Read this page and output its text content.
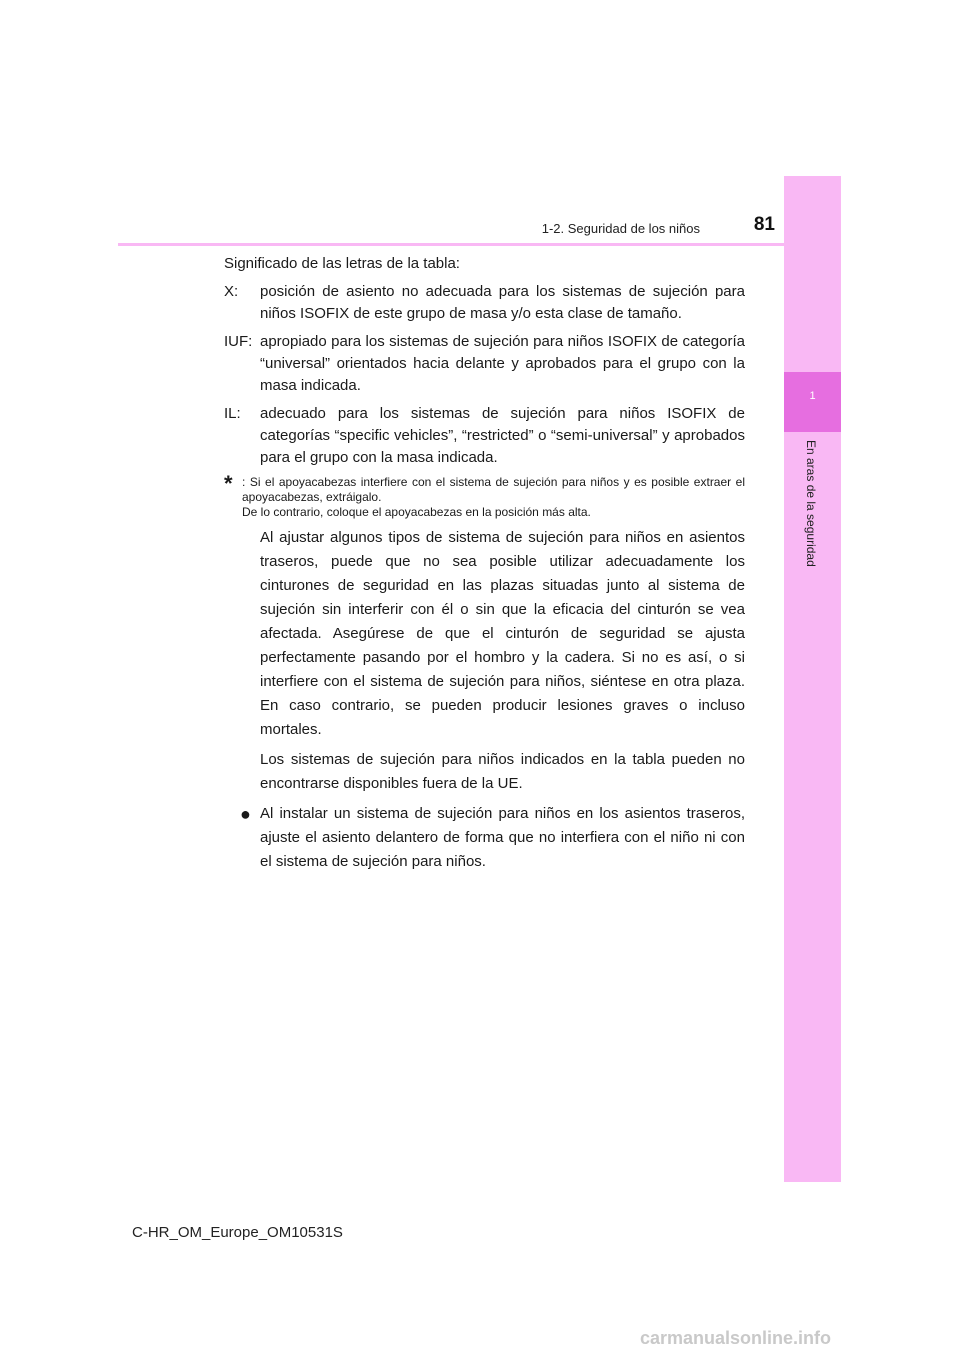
1
En aras de la seguridad
1-2. Seguridad de los niños	81

Significado de las letras de la tabla:

X:	posición de asiento no adecuada para los sistemas de sujeción para niños ISOFIX de este grupo de masa y/o esta clase de tamaño.
IUF: apropiado para los sistemas de sujeción para niños ISOFIX de categoría “universal” orientados hacia delante y aprobados para el grupo con la masa indicada.
IL:	adecuado para los sistemas de sujeción para niños ISOFIX de categorías “specific vehicles”, “restricted” o “semi-universal” y aprobados para el grupo con la masa indicada.
* : Si el apoyacabezas interfiere con el sistema de sujeción para niños y es posible extraer el apoyacabezas, extráigalo.
De lo contrario, coloque el apoyacabezas en la posición más alta.

Al ajustar algunos tipos de sistema de sujeción para niños en asientos traseros, puede que no sea posible utilizar adecuadamente los cinturones de seguridad en las plazas situadas junto al sistema de sujeción sin interferir con él o sin que la eficacia del cinturón se vea afectada. Asegúrese de que el cinturón de seguridad se ajusta perfectamente pasando por el hombro y la cadera. Si no es así, o si interfiere con el sistema de sujeción para niños, siéntese en otra plaza. En caso contrario, se pueden producir lesiones graves o incluso mortales.

Los sistemas de sujeción para niños indicados en la tabla pueden no encontrarse disponibles fuera de la UE.

● Al instalar un sistema de sujeción para niños en los asientos traseros, ajuste el asiento delantero de forma que no interfiera con el niño ni con el sistema de sujeción para niños.
C-HR_OM_Europe_OM10531S
carmanualsonline.info
